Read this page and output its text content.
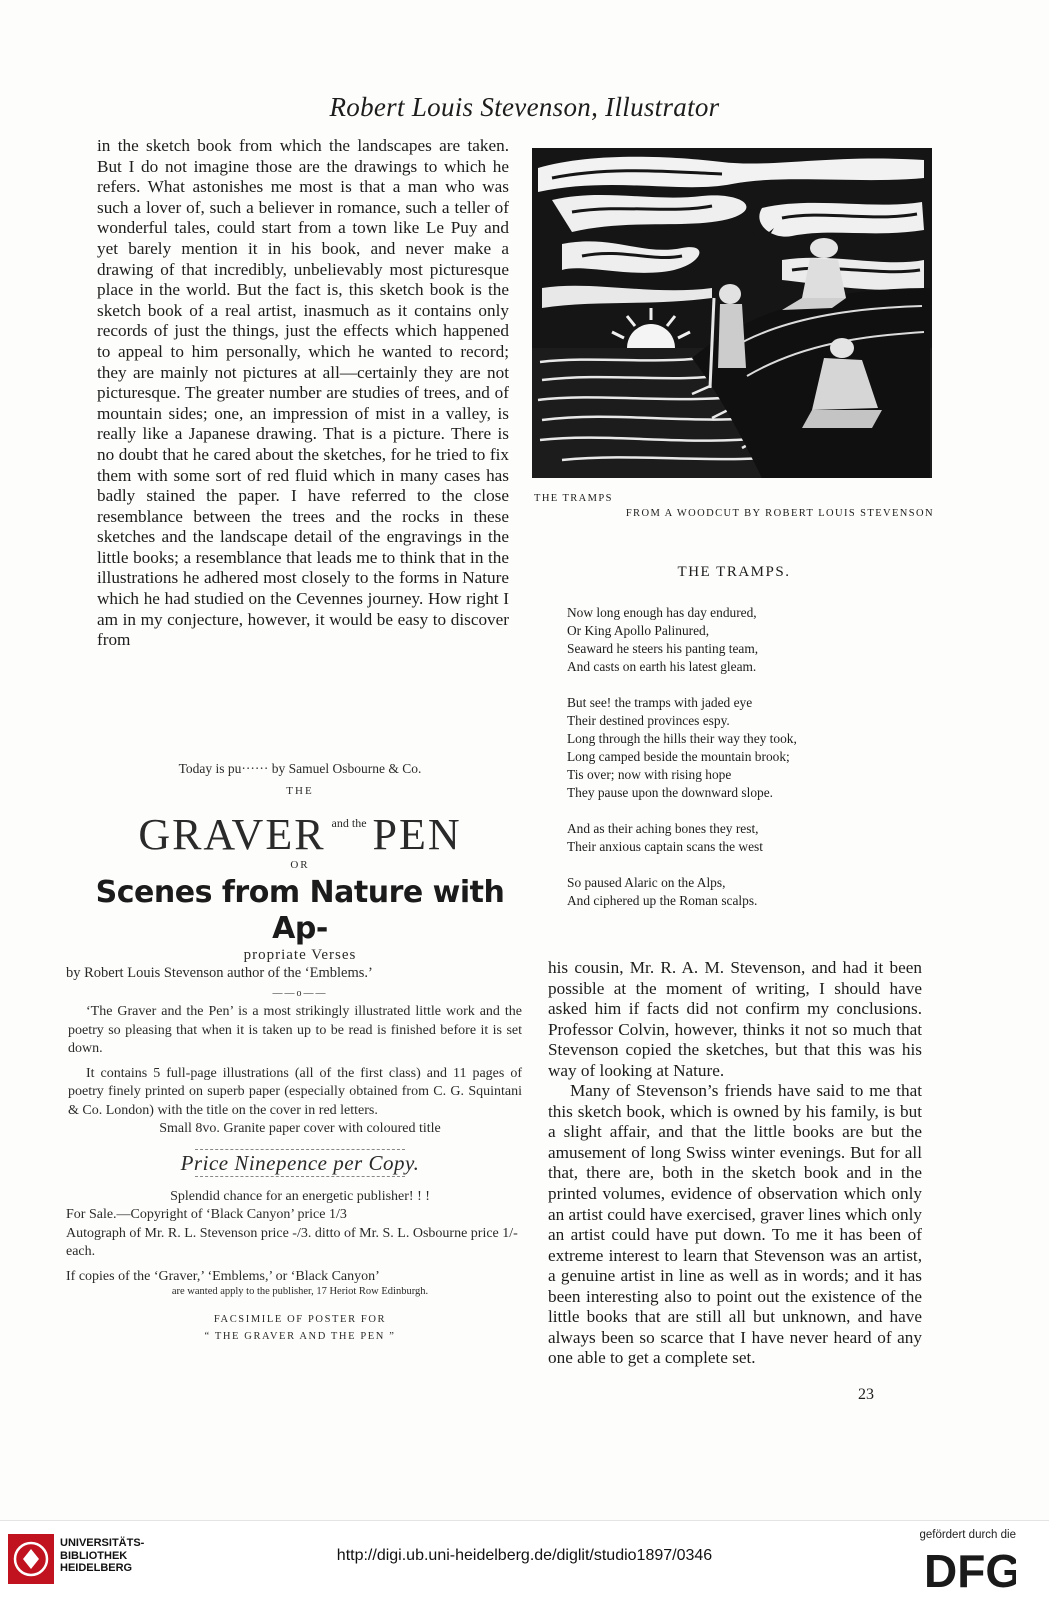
Robert Louis Stevenson, Illustrator

in the sketch book from which the landscapes are taken. But I do not imagine those are the drawings to which he refers. What astonishes me most is that a man who was such a lover of, such a believer in romance, such a teller of wonderful tales, could start from a town like Le Puy and yet barely mention it in his book, and never make a drawing of that incredibly, unbelievably most picturesque place in the world. But the fact is, this sketch book is the sketch book of a real artist, inasmuch as it contains only records of just the things, just the effects which happened to appeal to him personally, which he wanted to record; they are mainly not pictures at all—certainly they are not picturesque. The greater number are studies of trees, and of mountain sides; one, an impression of mist in a valley, is really like a Japanese drawing. That is a picture. There is no doubt that he cared about the sketches, for he tried to fix them with some sort of red fluid which in many cases has badly stained the paper. I have referred to the close resemblance between the trees and the rocks in these sketches and the landscape detail of the engravings in the little books; a resemblance that leads me to think that in the illustrations he adhered most closely to the forms in Nature which he had studied on the Cevennes journey. How right I am in my conjecture, however, it would be easy to discover from

THE TRAMPS
FROM A WOODCUT BY ROBERT LOUIS STEVENSON
THE TRAMPS.
Now long enough has day endured,
Or King Apollo Palinured,
Seaward he steers his panting team,
And casts on earth his latest gleam.
But see! the tramps with jaded eye
Their destined provinces espy.
Long through the hills their way they took,
Long camped beside the mountain brook;
Tis over; now with rising hope
They pause upon the downward slope.
And as their aching bones they rest,
Their anxious captain scans the west
So paused Alaric on the Alps,
And ciphered up the Roman scalps.
Today is pu······ by Samuel Osbourne & Co.
THE
GRAVER $^{and the}$ PEN
OR
Scenes from Nature with Ap-
propriate Verses
by Robert Louis Stevenson author of the ‘Emblems.’
——o——

‘The Graver and the Pen’ is a most strikingly illustrated little work and the poetry so pleasing that when it is taken up to be read is finished before it is set down.

It contains 5 full-page illustrations (all of the first class) and 11 pages of poetry finely printed on superb paper (especially obtained from C. G. Squintani & Co. London) with the title on the cover in red letters.

Small 8vo. Granite paper cover with coloured title
Price Ninepence per Copy.
Splendid chance for an energetic publisher! ! !
For Sale.—Copyright of ‘Black Canyon’ price 1/3
Autograph of Mr. R. L. Stevenson price -/3. ditto of Mr. S. L. Osbourne price 1/- each.
If copies of the ‘Graver,’ ‘Emblems,’ or ‘Black Canyon’
are wanted apply to the publisher, 17 Heriot Row Edinburgh.
FACSIMILE OF POSTER FOR
“ THE GRAVER AND THE PEN ”

his cousin, Mr. R. A. M. Stevenson, and had it been possible at the moment of writing, I should have asked him if facts did not confirm my conclusions. Professor Colvin, however, thinks it not so much that Stevenson copied the sketches, but that this was his way of looking at Nature.

Many of Stevenson’s friends have said to me that this sketch book, which is owned by his family, is but a slight affair, and that the little books are but the amusement of long Swiss winter evenings. But for all that, there are, both in the sketch book and in the printed volumes, evidence of observation which only an artist could have exercised, graver lines which only an artist could have put down. To me it has been of extreme interest to learn that Stevenson was an artist, a genuine artist in line as well as in words; and it has been interesting also to point out the existence of the little books that are still all but unknown, and have always been so scarce that I have never heard of any one able to get a complete set.

23
UNIVERSITÄTS-
BIBLIOTHEK
HEIDELBERG
http://digi.ub.uni-heidelberg.de/diglit/studio1897/0346
gefördert durch die
DFG
